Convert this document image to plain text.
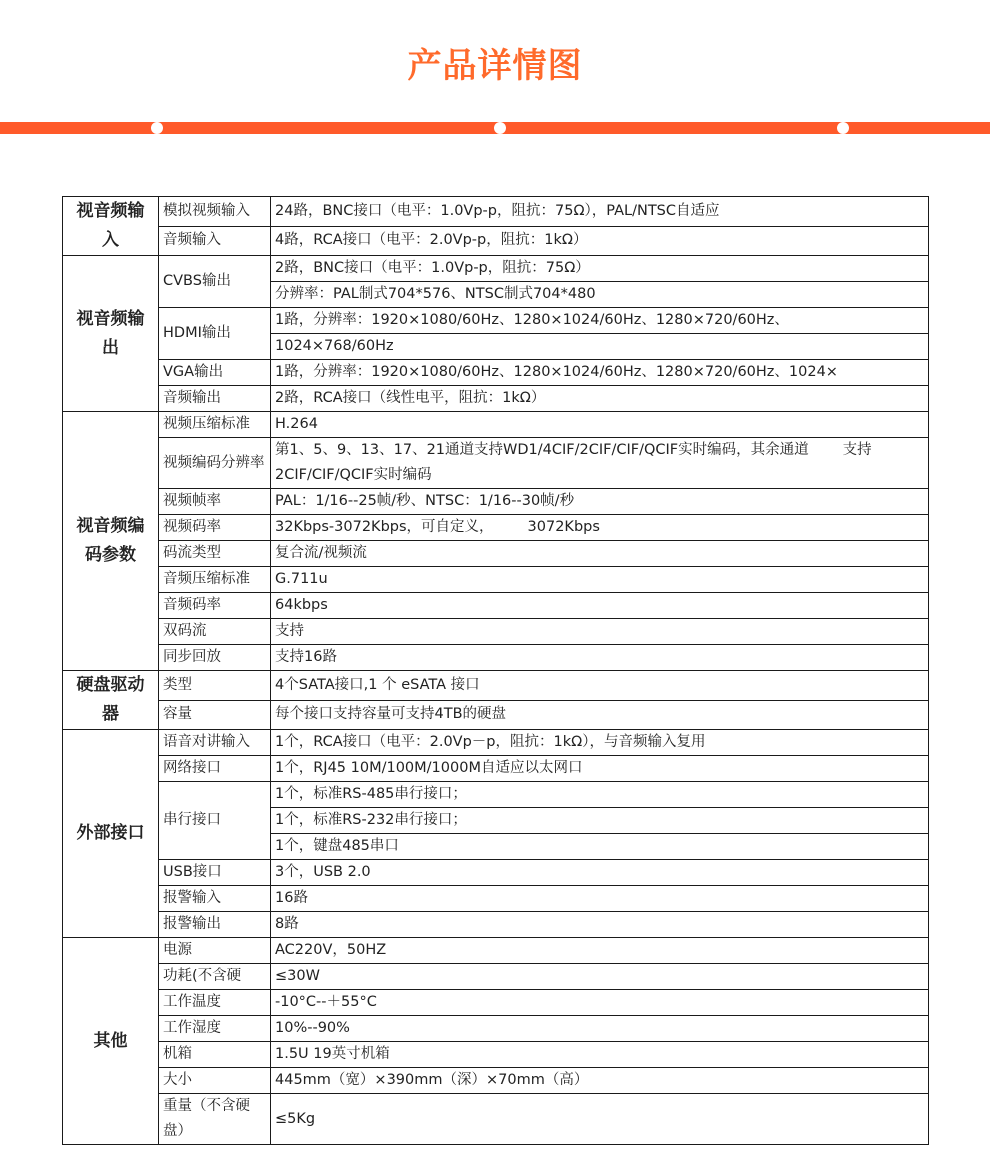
产品详情图
视音频输入	模拟视频输入	24路，BNC接口（电平：1.0Vp-p，阻抗：75Ω），PAL/NTSC自适应
	音频输入	4路，RCA接口（电平：2.0Vp-p，阻抗：1kΩ）
视音频输出	CVBS输出	2路，BNC接口（电平：1.0Vp-p，阻抗：75Ω）
		分辨率：PAL制式704*576、NTSC制式704*480
	HDMI输出	1路，分辨率：1920×1080/60Hz、1280×1024/60Hz、1280×720/60Hz、
		1024×768/60Hz
	VGA输出	1路，分辨率：1920×1080/60Hz、1280×1024/60Hz、1280×720/60Hz、1024×
	音频输出	2路，RCA接口（线性电平，阻抗：1kΩ）
视音频编码参数	视频压缩标准	H.264
	视频编码分辨率	第1、5、9、13、17、21通道支持WD1/4CIF/2CIF/CIF/QCIF实时编码，其余通道 支持2CIF/CIF/QCIF实时编码
	视频帧率	PAL：1/16--25帧/秒、NTSC：1/16--30帧/秒
	视频码率	32Kbps-3072Kbps，可自定义， 3072Kbps
	码流类型	复合流/视频流
	音频压缩标准	G.711u
	音频码率	64kbps
	双码流	支持
	同步回放	支持16路
硬盘驱动器	类型	4个SATA接口,1 个 eSATA 接口
	容量	每个接口支持容量可支持4TB的硬盘
外部接口	语音对讲输入	1个，RCA接口（电平：2.0Vp－p，阻抗：1kΩ），与音频输入复用
	网络接口	1个，RJ45 10M/100M/1000M自适应以太网口
	串行接口	1个，标准RS-485串行接口；
		1个，标准RS-232串行接口；
		1个，键盘485串口
	USB接口	3个，USB 2.0
	报警输入	16路
	报警输出	8路
其他	电源	AC220V，50HZ
	功耗(不含硬	≤30W
	工作温度	-10°C--＋55°C
	工作湿度	10%--90%
	机箱	1.5U 19英寸机箱
	大小	445mm（宽）×390mm（深）×70mm（高）
	重量（不含硬盘）	≤5Kg
